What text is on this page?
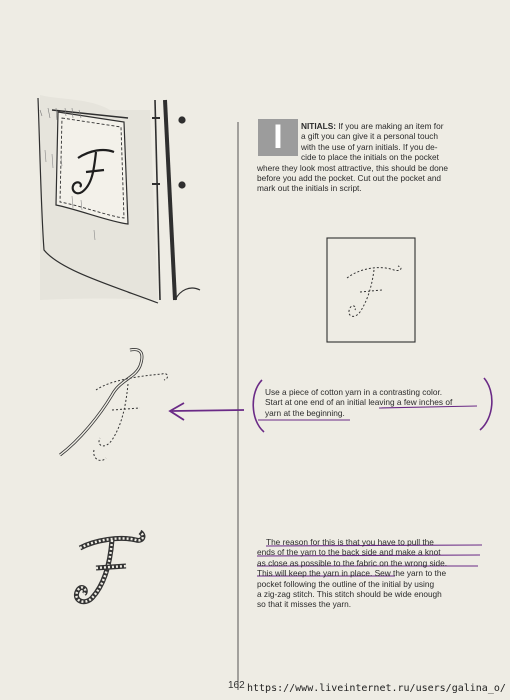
I	NITIALS: If you are making an item for
a gift you can give it a personal touch
with the use of yarn initials. If you de-
cide to place the initials on the pocket
where they look most attractive, this should be done
before you add the pocket. Cut out the pocket and
mark out the initials in script.
Use a piece of cotton yarn in a contrasting color.
Start at one end of an initial leaving a few inches of
yarn at the beginning.
The reason for this is that you have to pull the
ends of the yarn to the back side and make a knot
as close as possible to the fabric on the wrong side.
This will keep the yarn in place. Sew the yarn to the
pocket following the outline of the initial by using
a zig-zag stitch. This stitch should be wide enough
so that it misses the yarn.
162 https://www.liveinternet.ru/users/galina_o/
